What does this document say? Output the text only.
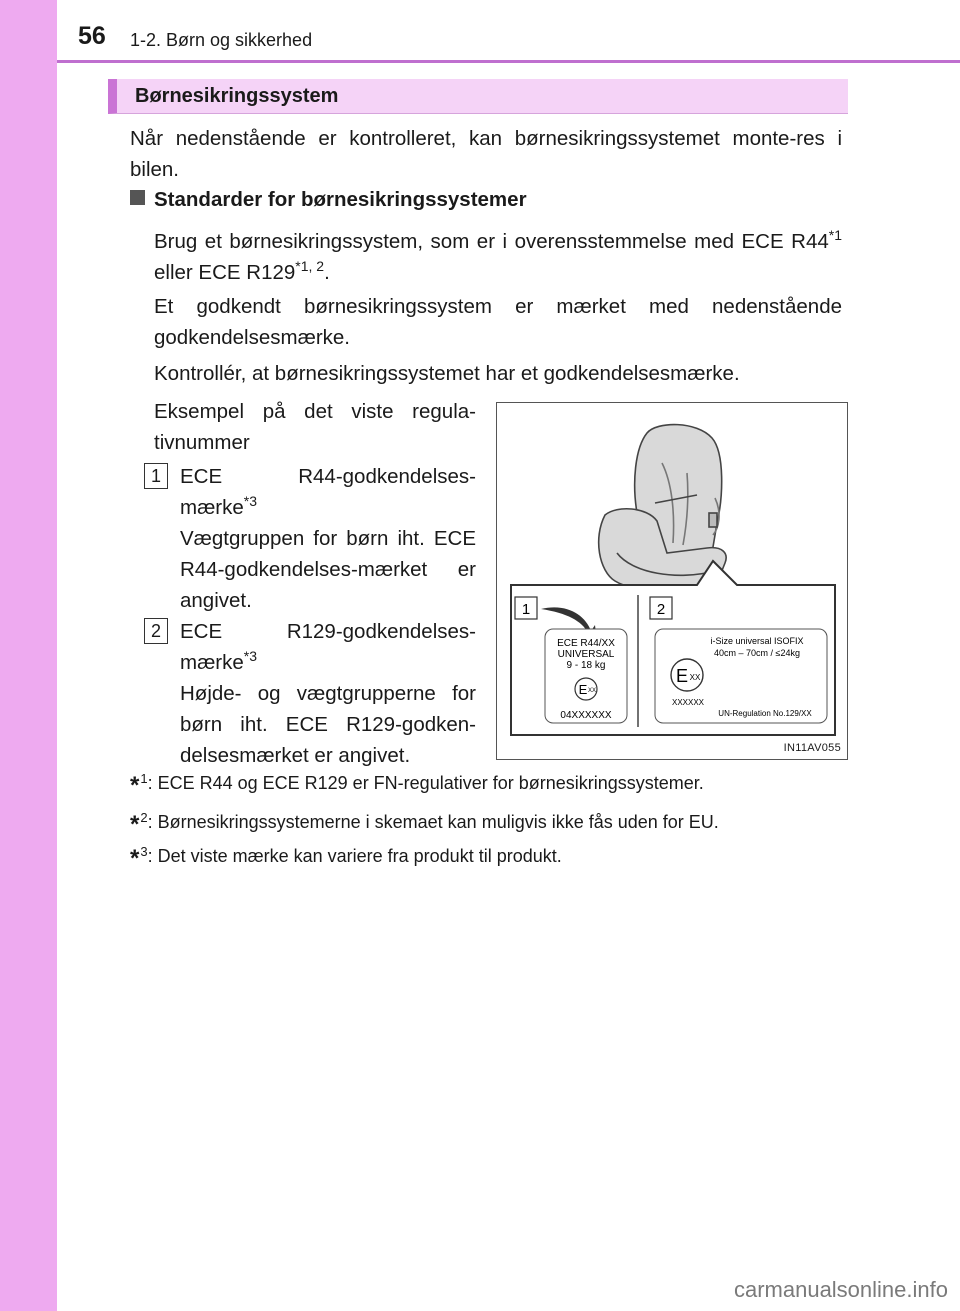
56 1-2. Børn og sikkerhed
Børnesikringssystem
Når nedenstående er kontrolleret, kan børnesikringssystemet monte-res i bilen.
Standarder for børnesikringssystemer
Brug et børnesikringssystem, som er i overensstemmelse med ECE R44$^{*1}$ eller ECE R129$^{*1, 2}$.
Et godkendt børnesikringssystem er mærket med nedenstående godkendelsesmærke.
Kontrollér, at børnesikringssystemet har et godkendelsesmærke.
Eksempel på det viste regula-tivnummer
1 ECE R44-godkendelses-mærke$^{*3}$
Vægtgruppen for børn iht. ECE R44-godkendelses-mærket er angivet.
2 ECE R129-godkendelses-mærke$^{*3}$
Højde- og vægtgrupperne for børn iht. ECE R129-godken-delsesmærket er angivet.
*$^1$: ECE R44 og ECE R129 er FN-regulativer for børnesikringssystemer.
*$^2$: Børnesikringssystemerne i skemaet kan muligvis ikke fås uden for EU.
*$^3$: Det viste mærke kan variere fra produkt til produkt.
1	2
ECE R44/XX
UNIVERSAL
9 - 18 kg
E XX
04XXXXXX
i-Size universal ISOFIX
40cm – 70cm / ≤24kg
E XX
XXXXXX
UN-Regulation No.129/XX
IN11AV055
carmanualsonline.info
